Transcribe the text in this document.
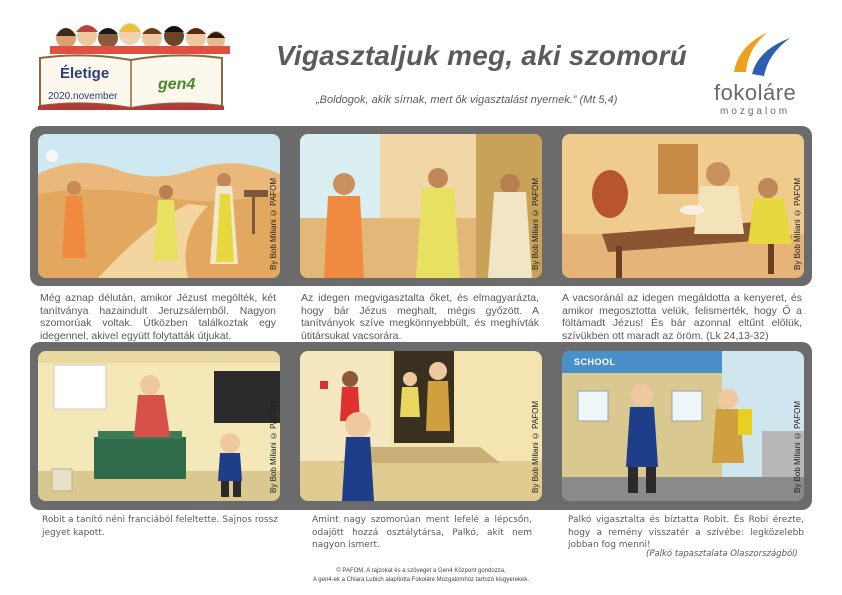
Életige
2020.november
gen4
Vigasztaljuk meg, aki szomorú
„Boldogok, akik sírnak, mert ők vigasztalást nyernek.” (Mt 5,4)	fokoláre
mozgalom
By Bob Miliani © PAFOM	By Bob Miliani © PAFOM	By Bob Miliani © PAFOM
Még aznap délután, amikor Jézust megölték, két tanítványa hazaindult Jeruzsálemből. Nagyon szomorúak voltak. Útközben találkoztak egy idegennel, akivel együtt folytatták útjukat.
Az idegen megvigasztalta őket, és elmagyarázta, hogy bár Jézus meghalt, mégis győzött. A tanítványok szíve megkönnyebbült, és meghívták útitársukat vacsorára.
A vacsoránál az idegen megáldotta a kenyeret, és amikor megosztotta velük, felismerték, hogy Ő a föltámadt Jézus! És bár azonnal eltűnt előlük, szívükben ott maradt az öröm. (Lk 24,13-32)
By Bob Miliani © PAFOM	By Bob Miliani © PAFOM	By Bob Miliani © PAFOM
SCHOOL
Robit a tanító néni franciából feleltette. Sajnos rossz jegyet kapott.
Amint nagy szomorúan ment lefelé a lépcsőn, odajött hozzá osztálytársa, Palkó, akit nem nagyon ismert.
Palkó vigasztalta és bíztatta Robit. És Robi érezte, hogy a remény visszatér a szívébe: legközelebb jobban fog menni!
(Palkó tapasztalata Olaszországból)
© PAFOM, A rajzokat és a szöveget a Gen4 Központ gondozza.
A gen4-ek a Chiara Lubich alapította Fokoláre Mozgalomhoz tartozó kisgyerekek.
